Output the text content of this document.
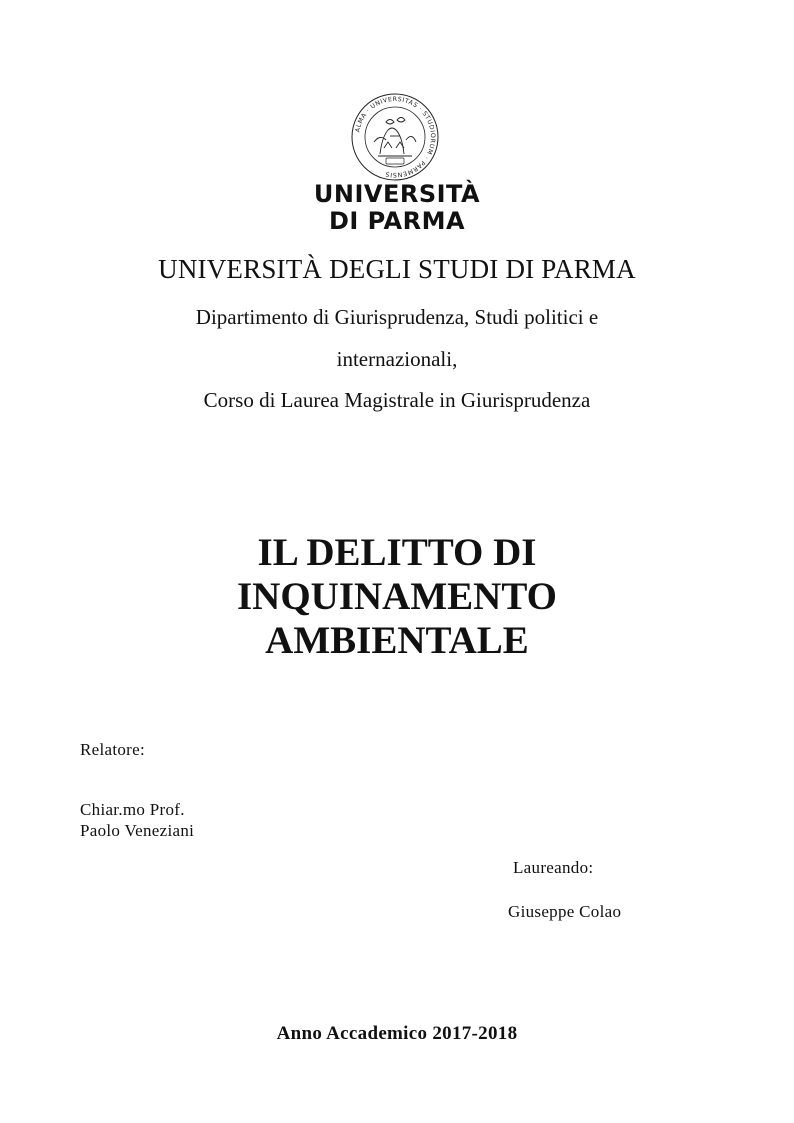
ALMA · UNIVERSITAS · STUDIORUM · PARMENSIS
UNIVERSITÀ
DI PARMA
UNIVERSITÀ DEGLI STUDI DI PARMA
Dipartimento di Giurisprudenza, Studi politici e
internazionali,
Corso di Laurea Magistrale in Giurisprudenza
IL DELITTO DI
INQUINAMENTO
AMBIENTALE
Relatore:
Chiar.mo Prof.
Paolo Veneziani
Laureando:
Giuseppe Colao
Anno Accademico 2017-2018
